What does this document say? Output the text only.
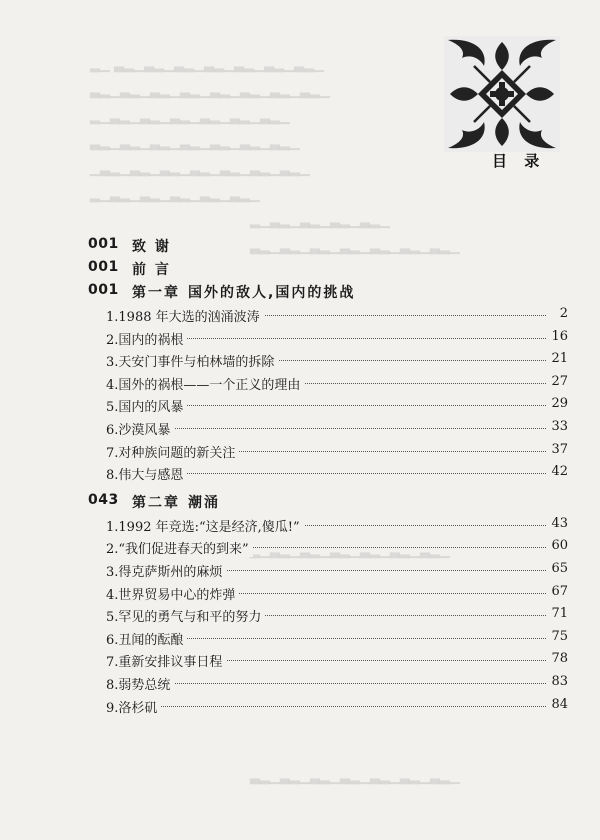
▁▂▃▁▂▃▁▂▃▁▂▃▁▂▃▁▂▃▁▂▃ ▁▂
▁▂▃▁▂▃▁▂▃▁▂▃▁▂▃▁▂▃▁▂▃▁▂▃
▁▂▃▁▂▃▁▂▃▁▂▃▁▂▃▁▂▃▁▂
▁▂▃▁▂▃▁▂▃▁▂▃▁▂▃▁▂▃▁▂▃
▁▂▃▁▂▃▁▂▃▁▂▃▁▂▃▁▂▃▁▂▃▁
▁▂▃▁▂▃▁▂▃▁▂▃▁▂▃▁▂
▁▂▃▁▂▃▁▂▃▁▂▃▁▂
▁▂▃▁▂▃▁▂▃▁▂▃▁▂▃▁▂▃▁▂▃
▁▂▃▁▂▃▁▂▃▁▂▃▁▂▃▁▂▃▁▂
▁▂▃▁▂▃▁▂▃▁▂▃▁▂▃▁▂▃▁▂▃
目 录
001 致 谢
001 前 言
001 第一章 国外的敌人,国内的挑战
1.1988 年大选的汹涌波涛	2
2.国内的祸根	16
3.天安门事件与柏林墙的拆除	21
4.国外的祸根——一个正义的理由	27
5.国内的风暴	29
6.沙漠风暴	33
7.对种族问题的新关注	37
8.伟大与感恩	42
043 第二章 潮涌
1.1992 年竞选:“这是经济,傻瓜!”	43
2.“我们促进春天的到来”	60
3.得克萨斯州的麻烦	65
4.世界贸易中心的炸弹	67
5.罕见的勇气与和平的努力	71
6.丑闻的酝酿	75
7.重新安排议事日程	78
8.弱势总统	83
9.洛杉矶	84
